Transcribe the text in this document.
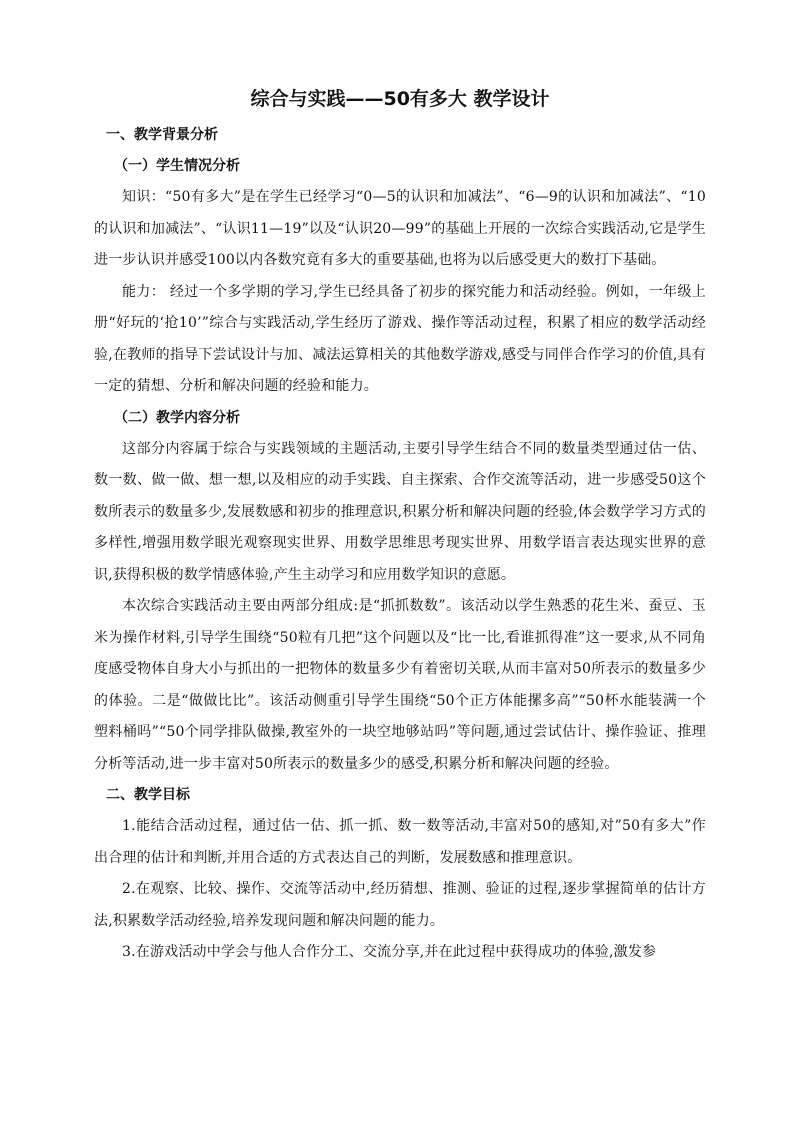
综合与实践——50有多大 教学设计
一、教学背景分析
（一）学生情况分析
知识：“50有多大”是在学生已经学习“0—5的认识和加减法”、“6—9的认识和加减法”、“10的认识和加减法”、“认识11—19”以及“认识20—99”的基础上开展的一次综合实践活动,它是学生进一步认识并感受100以内各数究竟有多大的重要基础,也将为以后感受更大的数打下基础。
能力： 经过一个多学期的学习,学生已经具备了初步的探究能力和活动经验。例如，一年级上册“好玩的‘抢10’”综合与实践活动,学生经历了游戏、操作等活动过程，积累了相应的数学活动经验,在教师的指导下尝试设计与加、减法运算相关的其他数学游戏,感受与同伴合作学习的价值,具有一定的猜想、分析和解决问题的经验和能力。
（二）教学内容分析
这部分内容属于综合与实践领域的主题活动,主要引导学生结合不同的数量类型通过估一估、数一数、做一做、想一想,以及相应的动手实践、自主探索、合作交流等活动，进一步感受50这个数所表示的数量多少,发展数感和初步的推理意识,积累分析和解决问题的经验,体会数学学习方式的多样性,增强用数学眼光观察现实世界、用数学思维思考现实世界、用数学语言表达现实世界的意识,获得积极的数学情感体验,产生主动学习和应用数学知识的意愿。
本次综合实践活动主要由两部分组成:是“抓抓数数”。该活动以学生熟悉的花生米、蚕豆、玉米为操作材料,引导学生围绕“50粒有几把”这个问题以及“比一比,看谁抓得准”这一要求,从不同角度感受物体自身大小与抓出的一把物体的数量多少有着密切关联,从而丰富对50所表示的数量多少的体验。二是“做做比比”。该活动侧重引导学生围绕“50个正方体能摞多高”“50杯水能装满一个塑料桶吗”“50个同学排队做操,教室外的一块空地够站吗”等问题,通过尝试估计、操作验证、推理分析等活动,进一步丰富对50所表示的数量多少的感受,积累分析和解决问题的经验。
二、教学目标
1.能结合活动过程，通过估一估、抓一抓、数一数等活动,丰富对50的感知,对”50有多大”作出合理的估计和判断,并用合适的方式表达自己的判断，发展数感和推理意识。
2.在观察、比较、操作、交流等活动中,经历猜想、推测、验证的过程,逐步掌握简单的估计方法,积累数学活动经验,培养发现问题和解决问题的能力。
3.在游戏活动中学会与他人合作分工、交流分享,并在此过程中获得成功的体验,激发参
